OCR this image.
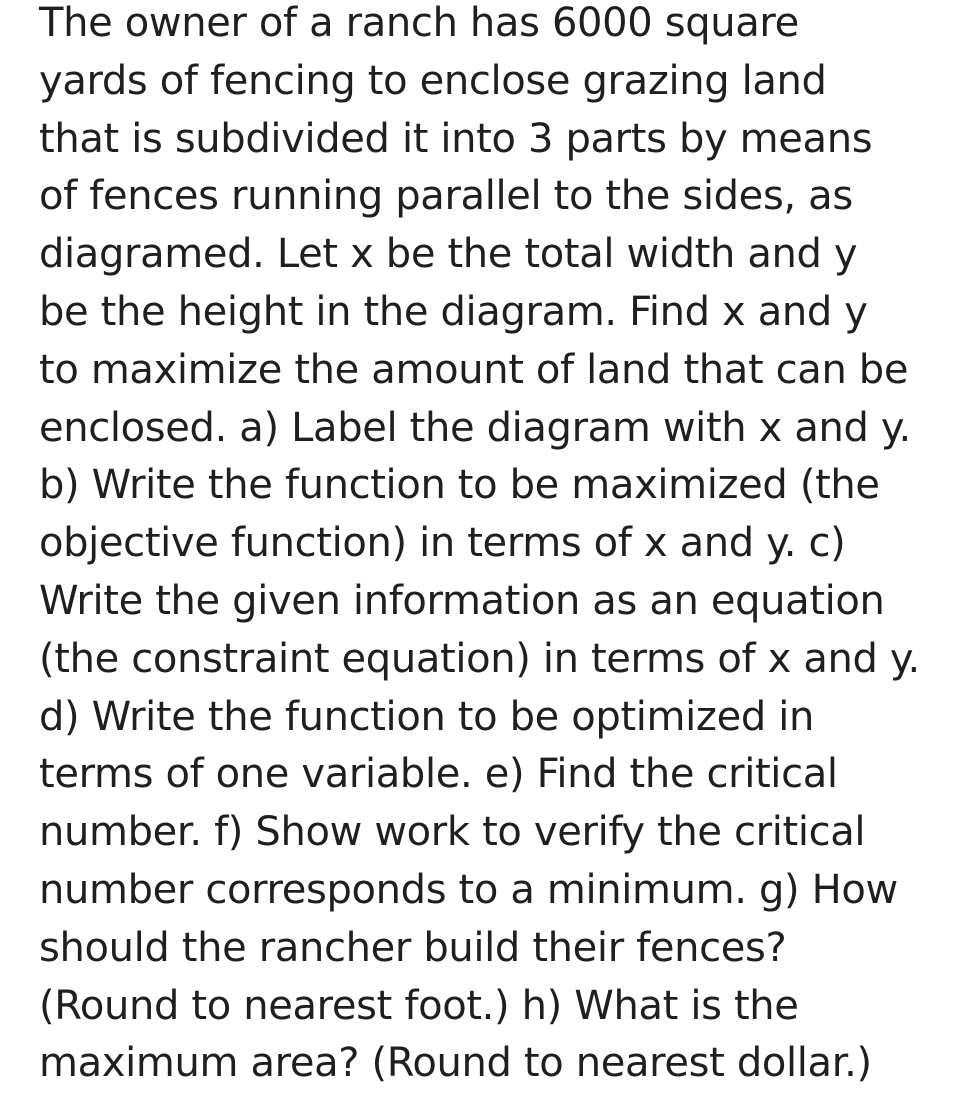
The owner of a ranch has 6000 square
yards of fencing to enclose grazing land
that is subdivided it into 3 parts by means
of fences running parallel to the sides, as
diagramed. Let x be the total width and y
be the height in the diagram. Find x and y
to maximize the amount of land that can be
enclosed. a) Label the diagram with x and y.
b) Write the function to be maximized (the
objective function) in terms of x and y. c)
Write the given information as an equation
(the constraint equation) in terms of x and y.
d) Write the function to be optimized in
terms of one variable. e) Find the critical
number. f) Show work to verify the critical
number corresponds to a minimum. g) How
should the rancher build their fences?
(Round to nearest foot.) h) What is the
maximum area? (Round to nearest dollar.)
